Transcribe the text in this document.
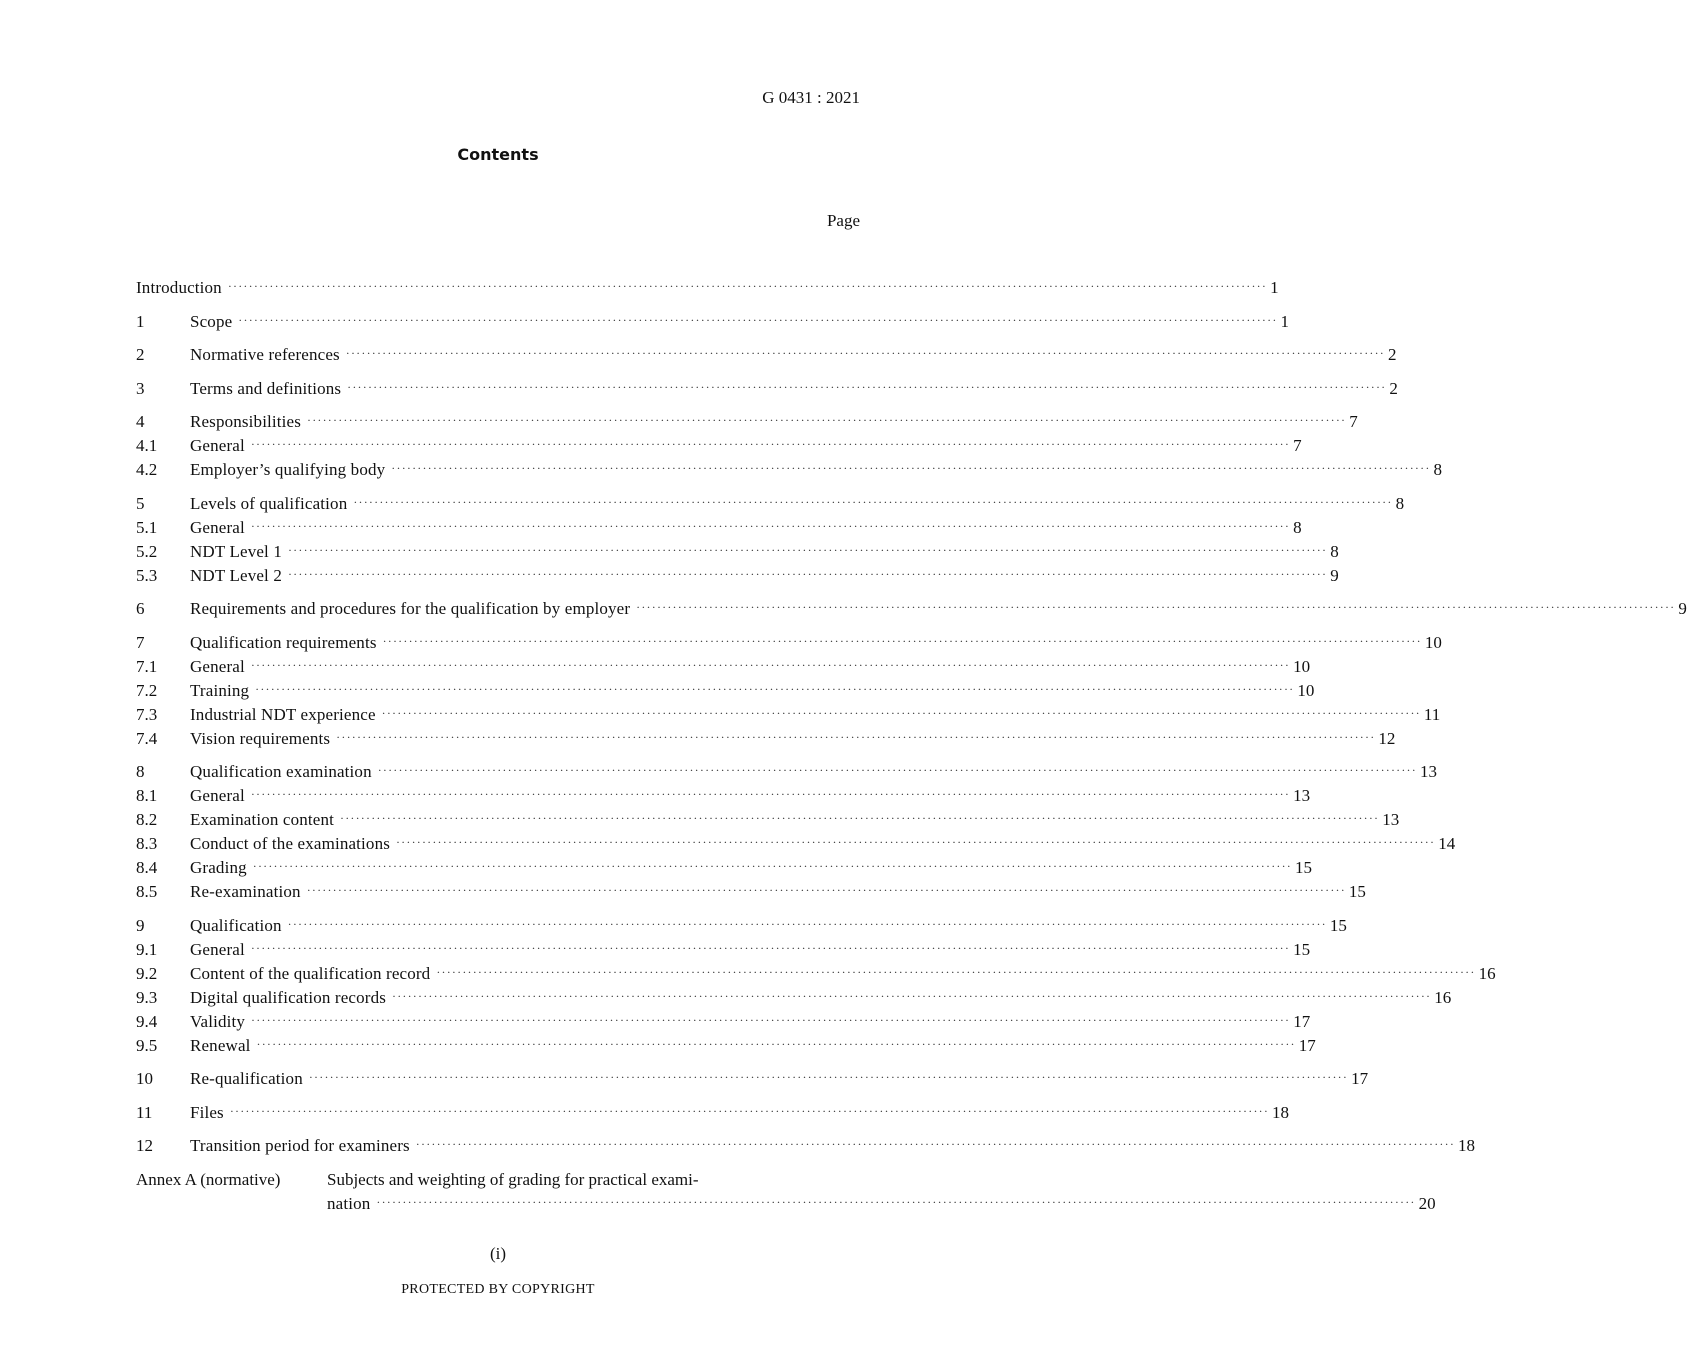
G 0431 : 2021
Contents
Page
Introduction ········································································································································································································ 1
1	Scope ········································································································································································································ 1
2	Normative references ········································································································································································································ 2
3	Terms and definitions ········································································································································································································ 2
4	Responsibilities ········································································································································································································ 7
4.1	General ········································································································································································································ 7
4.2	Employer’s qualifying body ········································································································································································································ 8
5	Levels of qualification ········································································································································································································ 8
5.1	General ········································································································································································································ 8
5.2	NDT Level 1 ········································································································································································································ 8
5.3	NDT Level 2 ········································································································································································································ 9
6	Requirements and procedures for the qualification by employer ········································································································································································································ 9
7	Qualification requirements ········································································································································································································ 10
7.1	General ········································································································································································································ 10
7.2	Training ········································································································································································································ 10
7.3	Industrial NDT experience ········································································································································································································ 11
7.4	Vision requirements ········································································································································································································ 12
8	Qualification examination ········································································································································································································ 13
8.1	General ········································································································································································································ 13
8.2	Examination content ········································································································································································································ 13
8.3	Conduct of the examinations ········································································································································································································ 14
8.4	Grading ········································································································································································································ 15
8.5	Re-examination ········································································································································································································ 15
9	Qualification ········································································································································································································ 15
9.1	General ········································································································································································································ 15
9.2	Content of the qualification record ········································································································································································································ 16
9.3	Digital qualification records ········································································································································································································ 16
9.4	Validity ········································································································································································································ 17
9.5	Renewal ········································································································································································································ 17
10	Re-qualification ········································································································································································································ 17
11	Files ········································································································································································································ 18
12	Transition period for examiners ········································································································································································································ 18
Annex A (normative)	Subjects and weighting of grading for practical exami-
nation ········································································································································································································ 20
(i)
PROTECTED BY COPYRIGHT
